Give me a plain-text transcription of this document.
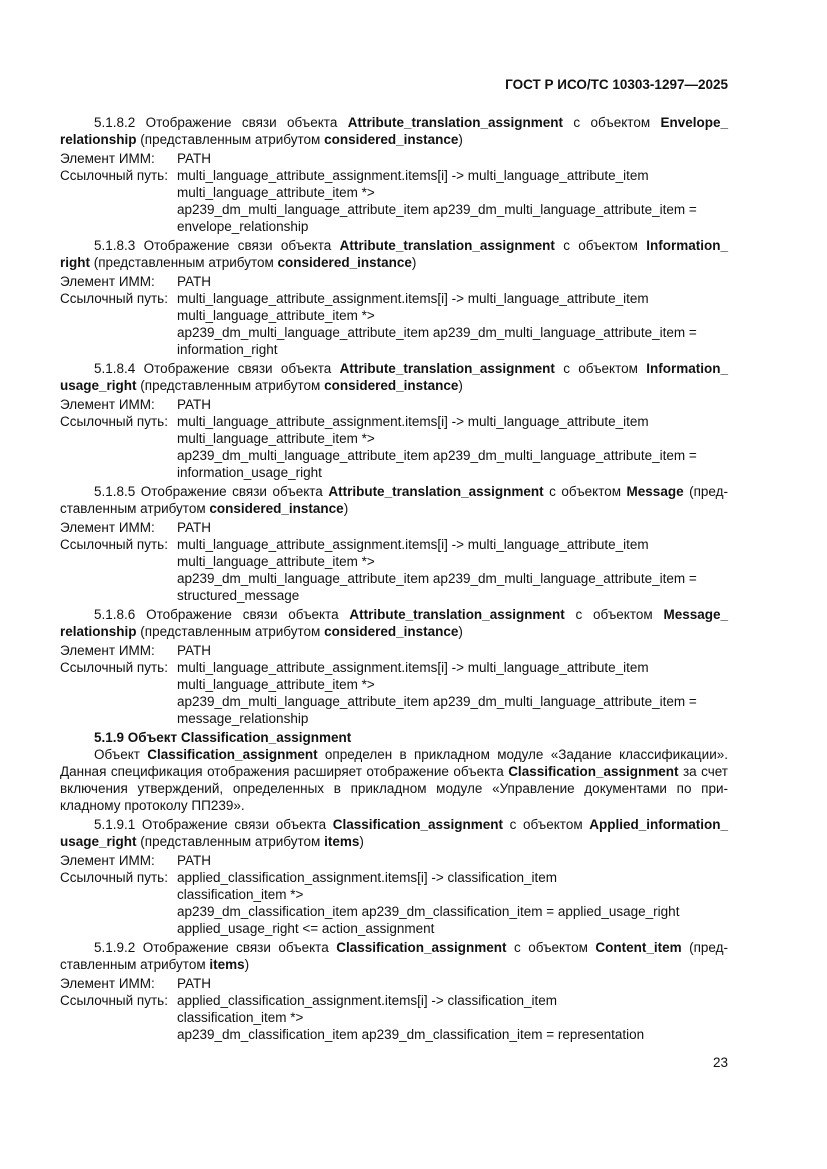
ГОСТ Р ИСО/ТС 10303-1297—2025
5.1.8.2 Отображение связи объекта Attribute_translation_assignment с объектом Envelope_ relationship (представленным атрибутом considered_instance)
Элемент ИММ:	PATH
Ссылочный путь: multi_language_attribute_assignment.items[i] -> multi_language_attribute_item
multi_language_attribute_item *>
ap239_dm_multi_language_attribute_item ap239_dm_multi_language_attribute_item =
envelope_relationship
5.1.8.3 Отображение связи объекта Attribute_translation_assignment с объектом Information_ right (представленным атрибутом considered_instance)
Элемент ИММ:	PATH
Ссылочный путь: multi_language_attribute_assignment.items[i] -> multi_language_attribute_item
multi_language_attribute_item *>
ap239_dm_multi_language_attribute_item ap239_dm_multi_language_attribute_item =
information_right
5.1.8.4 Отображение связи объекта Attribute_translation_assignment с объектом Information_ usage_right (представленным атрибутом considered_instance)
Элемент ИММ:	PATH
Ссылочный путь: multi_language_attribute_assignment.items[i] -> multi_language_attribute_item
multi_language_attribute_item *>
ap239_dm_multi_language_attribute_item ap239_dm_multi_language_attribute_item =
information_usage_right
5.1.8.5 Отображение связи объекта Attribute_translation_assignment с объектом Message (пред-ставленным атрибутом considered_instance)
Элемент ИММ:	PATH
Ссылочный путь: multi_language_attribute_assignment.items[i] -> multi_language_attribute_item
multi_language_attribute_item *>
ap239_dm_multi_language_attribute_item ap239_dm_multi_language_attribute_item =
structured_message
5.1.8.6 Отображение связи объекта Attribute_translation_assignment с объектом Message_ relationship (представленным атрибутом considered_instance)
Элемент ИММ:	PATH
Ссылочный путь: multi_language_attribute_assignment.items[i] -> multi_language_attribute_item
multi_language_attribute_item *>
ap239_dm_multi_language_attribute_item ap239_dm_multi_language_attribute_item =
message_relationship
5.1.9 Объект Classification_assignment
Объект Classification_assignment определен в прикладном модуле «Задание классификации». Данная спецификация отображения расширяет отображение объекта Classification_assignment за счет включения утверждений, определенных в прикладном модуле «Управление документами по при-кладному протоколу ПП239».
5.1.9.1 Отображение связи объекта Classification_assignment с объектом Applied_information_ usage_right (представленным атрибутом items)
Элемент ИММ:	PATH
Ссылочный путь: applied_classification_assignment.items[i] -> classification_item
classification_item *>
ap239_dm_classification_item ap239_dm_classification_item = applied_usage_right
applied_usage_right <= action_assignment
5.1.9.2 Отображение связи объекта Classification_assignment с объектом Content_item (пред-ставленным атрибутом items)
Элемент ИММ:	PATH
Ссылочный путь: applied_classification_assignment.items[i] -> classification_item
classification_item *>
ap239_dm_classification_item ap239_dm_classification_item = representation
23
